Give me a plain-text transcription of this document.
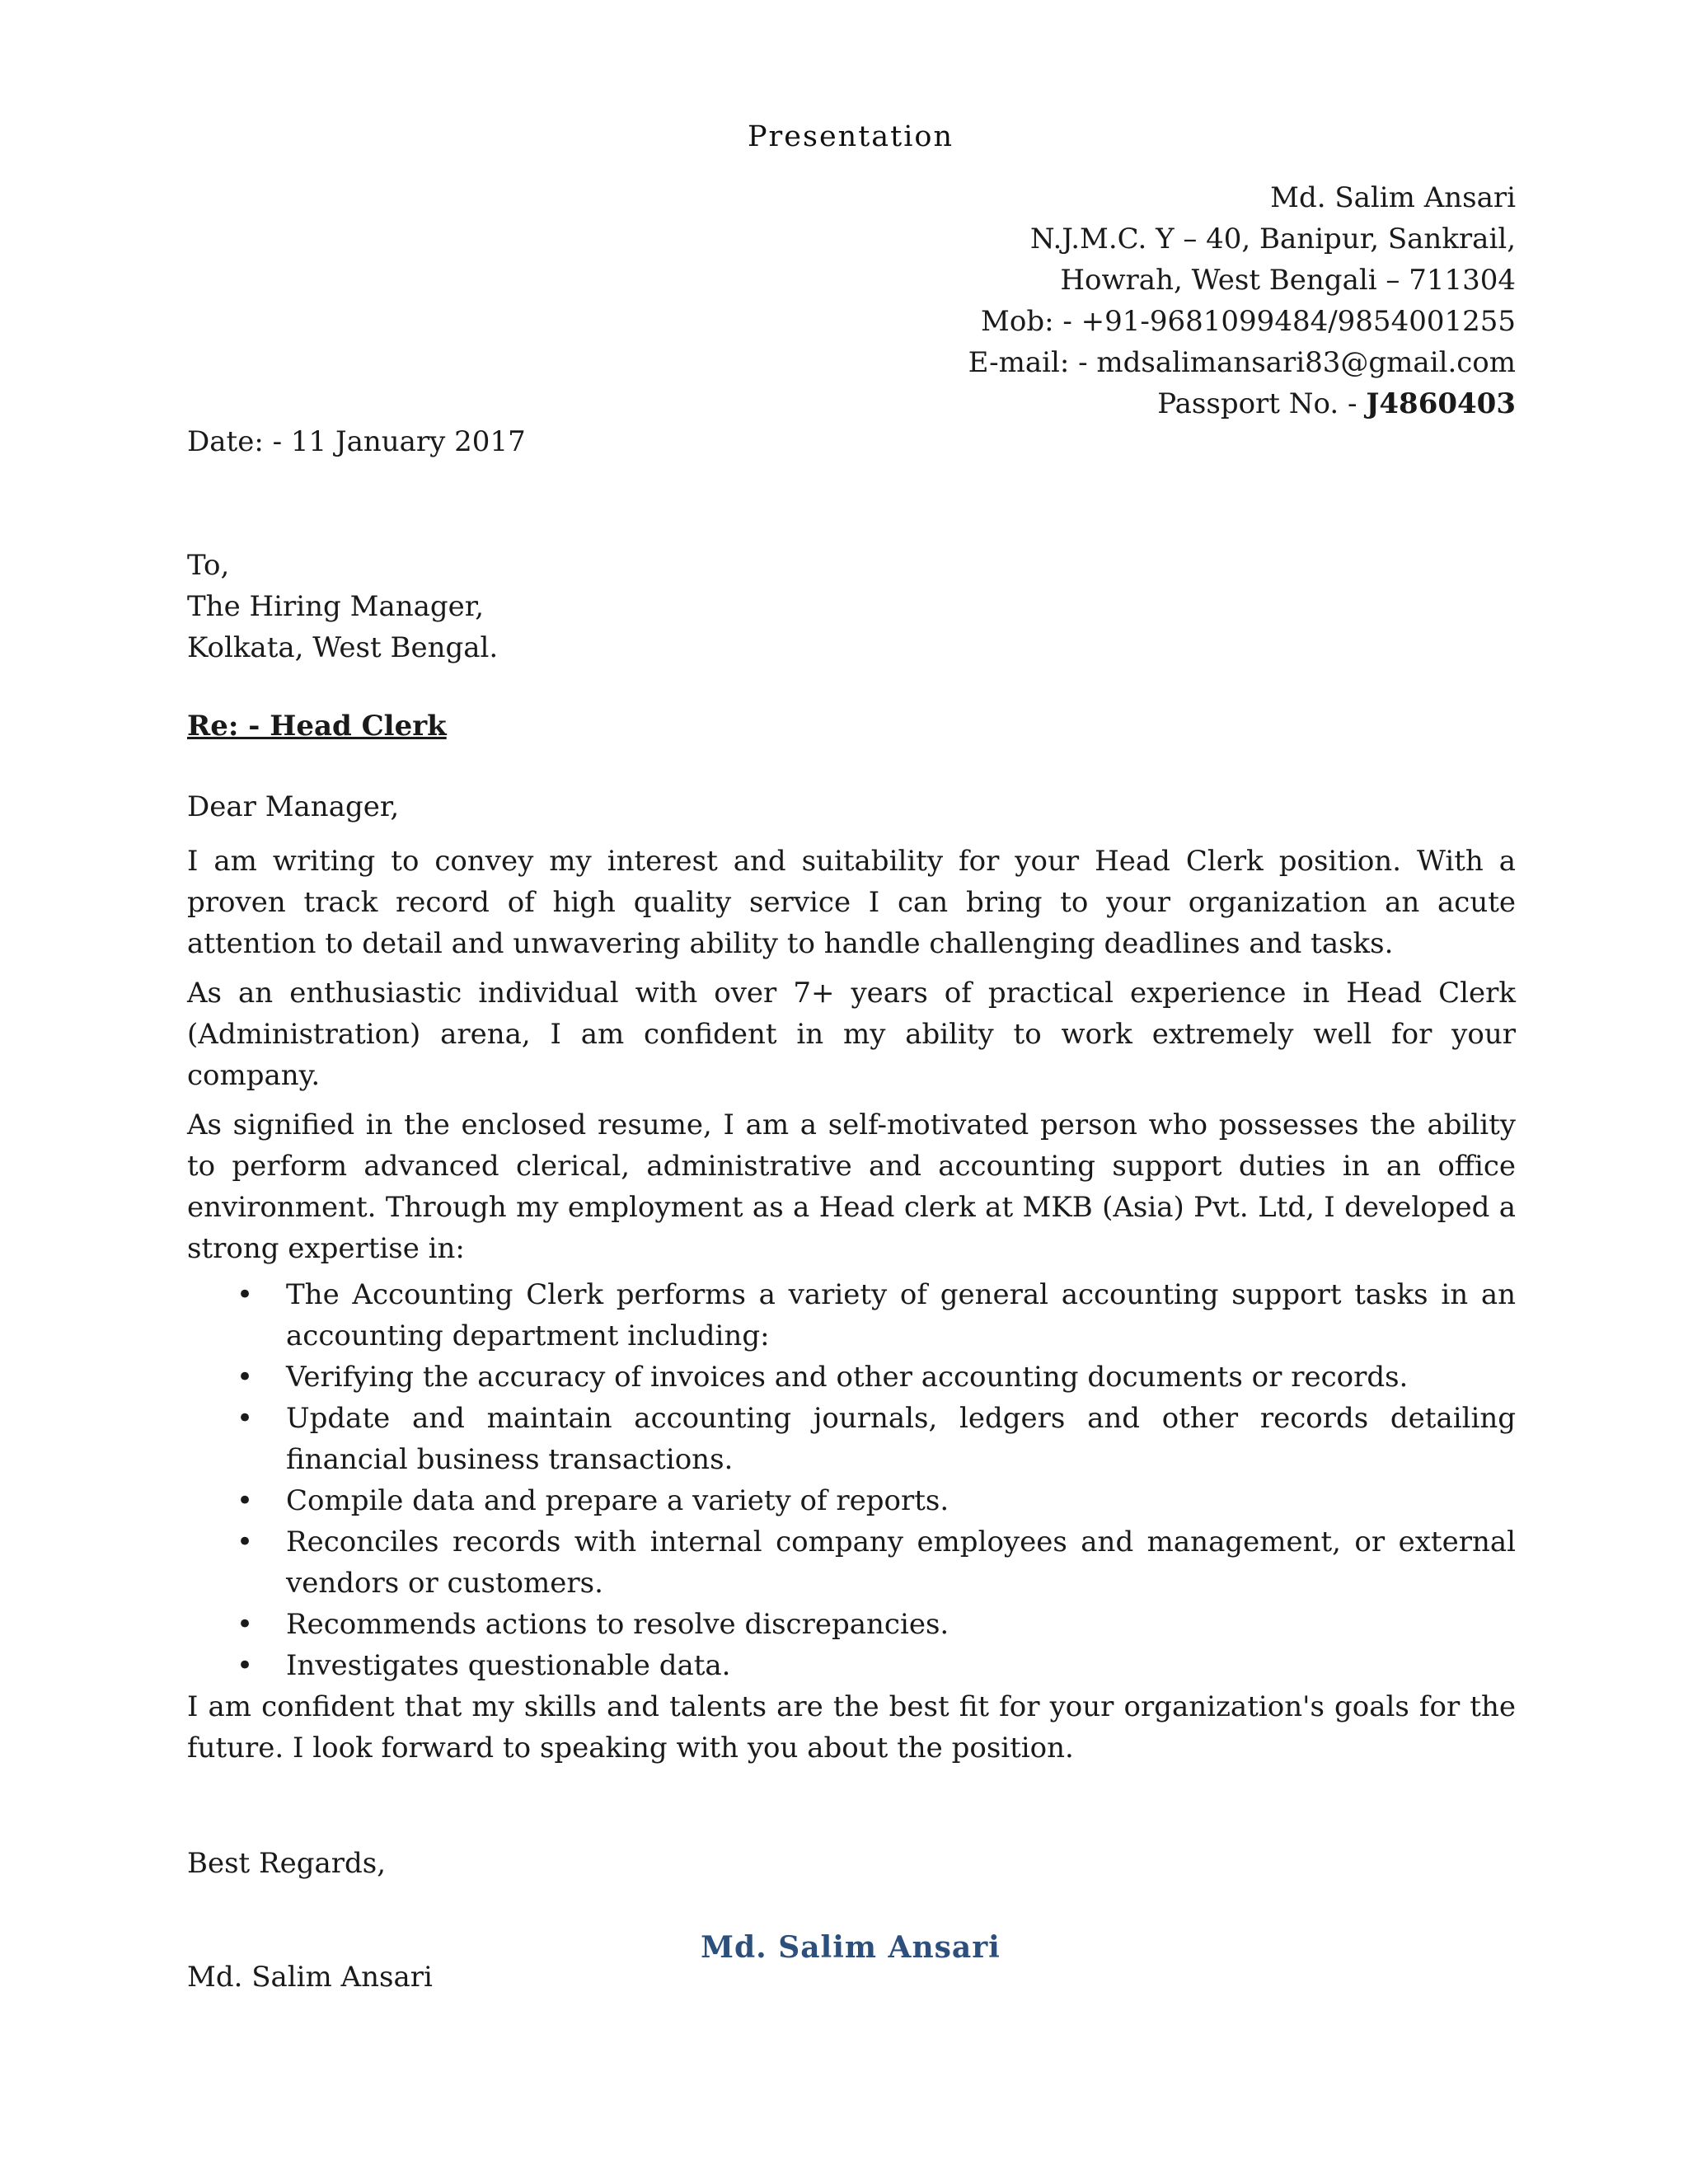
Presentation
Md. Salim Ansari
N.J.M.C. Y – 40, Banipur, Sankrail,
Howrah, West Bengali – 711304
Mob: - +91-9681099484/9854001255
E-mail: - mdsalimansari83@gmail.com
Passport No. - J4860403

Date: - 11 January 2017

To,

The Hiring Manager,

Kolkata, West Bengal.

Re: - Head Clerk

Dear Manager,

I am writing to convey my interest and suitability for your Head Clerk position. With a proven track record of high quality service I can bring to your organization an acute attention to detail and unwavering ability to handle challenging deadlines and tasks.

As an enthusiastic individual with over 7+ years of practical experience in Head Clerk (Administration) arena, I am confident in my ability to work extremely well for your company.

As signified in the enclosed resume, I am a self-motivated person who possesses the ability to perform advanced clerical, administrative and accounting support duties in an office environment. Through my employment as a Head clerk at MKB (Asia) Pvt. Ltd, I developed a strong expertise in:

• The Accounting Clerk performs a variety of general accounting support tasks in an accounting department including:
• Verifying the accuracy of invoices and other accounting documents or records.
• Update and maintain accounting journals, ledgers and other records detailing financial business transactions.
• Compile data and prepare a variety of reports.
• Reconciles records with internal company employees and management, or external vendors or customers.
• Recommends actions to resolve discrepancies.
• Investigates questionable data.

I am confident that my skills and talents are the best fit for your organization's goals for the future. I look forward to speaking with you about the position.

Best Regards,

Md. Salim Ansari

Md. Salim Ansari
